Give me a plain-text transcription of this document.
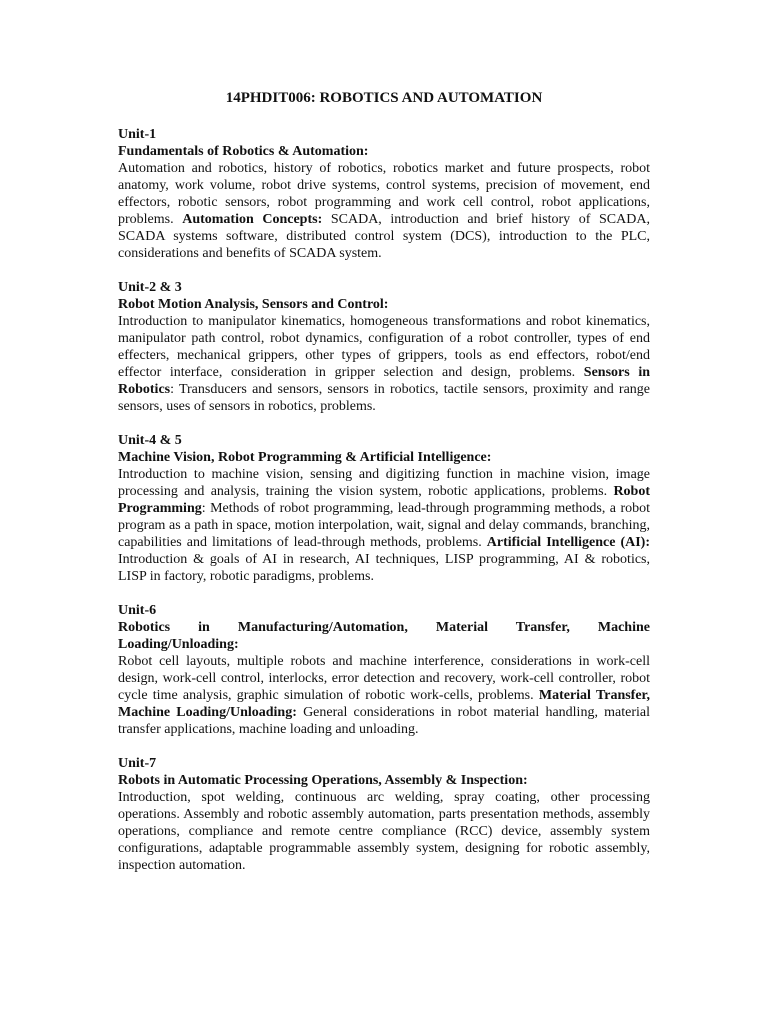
14PHDIT006: ROBOTICS AND AUTOMATION

Unit-1

Fundamentals of Robotics & Automation:

Automation and robotics, history of robotics, robotics market and future prospects, robot anatomy, work volume, robot drive systems, control systems, precision of movement, end effectors, robotic sensors, robot programming and work cell control, robot applications, problems. Automation Concepts: SCADA, introduction and brief history of SCADA, SCADA systems software, distributed control system (DCS), introduction to the PLC, considerations and benefits of SCADA system.

Unit-2 & 3

Robot Motion Analysis, Sensors and Control:

Introduction to manipulator kinematics, homogeneous transformations and robot kinematics, manipulator path control, robot dynamics, configuration of a robot controller, types of end effecters, mechanical grippers, other types of grippers, tools as end effectors, robot/end effector interface, consideration in gripper selection and design, problems. Sensors in Robotics: Transducers and sensors, sensors in robotics, tactile sensors, proximity and range sensors, uses of sensors in robotics, problems.

Unit-4 & 5

Machine Vision, Robot Programming & Artificial Intelligence:

Introduction to machine vision, sensing and digitizing function in machine vision, image processing and analysis, training the vision system, robotic applications, problems. Robot Programming: Methods of robot programming, lead-through programming methods, a robot program as a path in space, motion interpolation, wait, signal and delay commands, branching, capabilities and limitations of lead-through methods, problems. Artificial Intelligence (AI): Introduction & goals of AI in research, AI techniques, LISP programming, AI & robotics, LISP in factory, robotic paradigms, problems.

Unit-6

Robotics in Manufacturing/Automation, Material Transfer, Machine

Loading/Unloading:

Robot cell layouts, multiple robots and machine interference, considerations in work-cell design, work-cell control, interlocks, error detection and recovery, work-cell controller, robot cycle time analysis, graphic simulation of robotic work-cells, problems. Material Transfer, Machine Loading/Unloading: General considerations in robot material handling, material transfer applications, machine loading and unloading.

Unit-7

Robots in Automatic Processing Operations, Assembly & Inspection:

Introduction, spot welding, continuous arc welding, spray coating, other processing operations. Assembly and robotic assembly automation, parts presentation methods, assembly operations, compliance and remote centre compliance (RCC) device, assembly system configurations, adaptable programmable assembly system, designing for robotic assembly, inspection automation.
